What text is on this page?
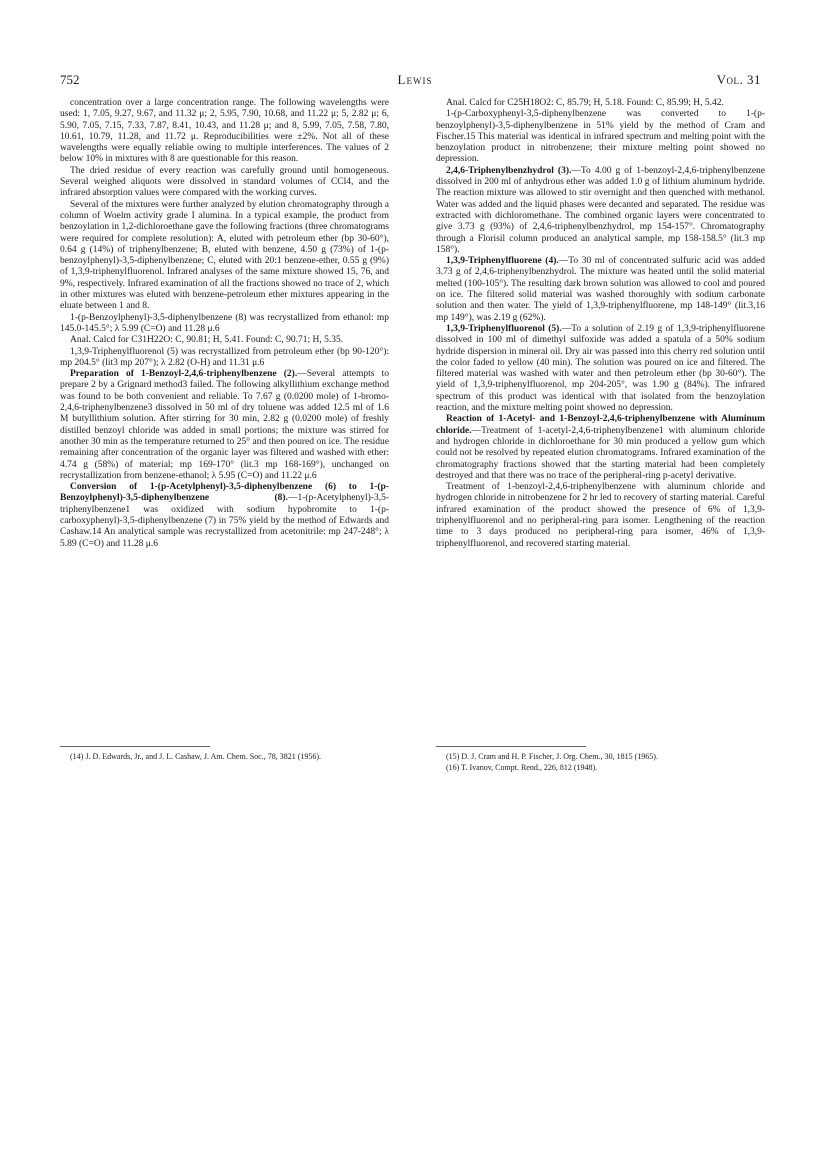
752	Lewis	Vol. 31

concentration over a large concentration range. The following wavelengths were used: 1, 7.05, 9.27, 9.67, and 11.32 μ; 2, 5.95, 7.90, 10.68, and 11.22 μ; 5, 2.82 μ; 6, 5.90, 7.05, 7.15, 7.33, 7.87, 8.41, 10.43, and 11.28 μ; and 8, 5.99, 7.05, 7.58, 7.80, 10.61, 10.79, 11.28, and 11.72 μ. Reproducibilities were ±2%. Not all of these wavelengths were equally reliable owing to multiple interferences. The values of 2 below 10% in mixtures with 8 are questionable for this reason.

The dried residue of every reaction was carefully ground until homogeneous. Several weighed aliquots were dissolved in standard volumes of CCl4, and the infrared absorption values were compared with the working curves.

Several of the mixtures were further analyzed by elution chromatography through a column of Woelm activity grade I alumina. In a typical example, the product from benzoylation in 1,2-dichloroethane gave the following fractions (three chromatograms were required for complete resolution): A, eluted with petroleum ether (bp 30-60°), 0.64 g (14%) of triphenylbenzene; B, eluted with benzene, 4.50 g (73%) of 1-(p-benzoylphenyl)-3,5-diphenylbenzene; C, eluted with 20:1 benzene-ether, 0.55 g (9%) of 1,3,9-triphenylfluorenol. Infrared analyses of the same mixture showed 15, 76, and 9%, respectively. Infrared examination of all the fractions showed no trace of 2, which in other mixtures was eluted with benzene-petroleum ether mixtures appearing in the eluate between 1 and 8.

1-(p-Benzoylphenyl)-3,5-diphenylbenzene (8) was recrystallized from ethanol: mp 145.0-145.5°; λ 5.99 (C=O) and 11.28 μ.6

Anal. Calcd for C31H22O: C, 90.81; H, 5.41. Found: C, 90.71; H, 5.35.

1,3,9-Triphenylfluorenol (5) was recrystallized from petroleum ether (bp 90-120°): mp 204.5° (lit3 mp 207°); λ 2.82 (O-H) and 11.31 μ.6

Preparation of 1-Benzoyl-2,4,6-triphenylbenzene (2).—Several attempts to prepare 2 by a Grignard method3 failed. The following alkyllithium exchange method was found to be both convenient and reliable. To 7.67 g (0.0200 mole) of 1-bromo-2,4,6-triphenylbenzene3 dissolved in 50 ml of dry toluene was added 12.5 ml of 1.6 M butyllithium solution. After stirring for 30 min, 2.82 g (0.0200 mole) of freshly distilled benzoyl chloride was added in small portions; the mixture was stirred for another 30 min as the temperature returned to 25° and then poured on ice. The residue remaining after concentration of the organic layer was filtered and washed with ether: 4.74 g (58%) of material; mp 169-170° (lit.3 mp 168-169°), unchanged on recrystallization from benzene-ethanol; λ 5.95 (C=O) and 11.22 μ.6

Conversion of 1-(p-Acetylphenyl)-3,5-diphenylbenzene (6) to 1-(p-Benzoylphenyl)-3,5-diphenylbenzene (8).—1-(p-Acetylphenyl)-3,5-triphenylbenzene1 was oxidized with sodium hypobromite to 1-(p-carboxyphenyl)-3,5-diphenylbenzene (7) in 75% yield by the method of Edwards and Cashaw.14 An analytical sample was recrystallized from acetonitrile: mp 247-248°; λ 5.89 (C=O) and 11.28 μ.6

Anal. Calcd for C25H18O2: C, 85.79; H, 5.18. Found: C, 85.99; H, 5.42.

1-(p-Carboxyphenyl-3,5-diphenylbenzene was converted to 1-(p-benzoylphenyl)-3,5-diphenylbenzene in 51% yield by the method of Cram and Fischer.15 This material was identical in infrared spectrum and melting point with the benzoylation product in nitrobenzene; their mixture melting point showed no depression.

2,4,6-Triphenylbenzhydrol (3).—To 4.00 g of 1-benzoyl-2,4,6-triphenylbenzene dissolved in 200 ml of anhydrous ether was added 1.0 g of lithium aluminum hydride. The reaction mixture was allowed to stir overnight and then quenched with methanol. Water was added and the liquid phases were decanted and separated. The residue was extracted with dichloromethane. The combined organic layers were concentrated to give 3.73 g (93%) of 2,4,6-triphenylbenzhydrol, mp 154-157°. Chromatography through a Florisil column produced an analytical sample, mp 158-158.5° (lit.3 mp 158°).

1,3,9-Triphenylfluorene (4).—To 30 ml of concentrated sulfuric acid was added 3.73 g of 2,4,6-triphenylbenzhydrol. The mixture was heated until the solid material melted (100-105°). The resulting dark brown solution was allowed to cool and poured on ice. The filtered solid material was washed thoroughly with sodium carbonate solution and then water. The yield of 1,3,9-triphenylfluorene, mp 148-149° (lit.3,16 mp 149°), was 2.19 g (62%).

1,3,9-Triphenylfluorenol (5).—To a solution of 2.19 g of 1,3,9-triphenylfluorene dissolved in 100 ml of dimethyl sulfoxide was added a spatula of a 50% sodium hydride dispersion in mineral oil. Dry air was passed into this cherry red solution until the color faded to yellow (40 min). The solution was poured on ice and filtered. The filtered material was washed with water and then petroleum ether (bp 30-60°). The yield of 1,3,9-triphenylfluorenol, mp 204-205°, was 1.90 g (84%). The infrared spectrum of this product was identical with that isolated from the benzoylation reaction, and the mixture melting point showed no depression.

Reaction of 1-Acetyl- and 1-Benzoyl-2,4,6-triphenylbenzene with Aluminum chloride.—Treatment of 1-acetyl-2,4,6-triphenylbenzene1 with aluminum chloride and hydrogen chloride in dichloroethane for 30 min produced a yellow gum which could not be resolved by repeated elution chromatograms. Infrared examination of the chromatography fractions showed that the starting material had been completely destroyed and that there was no trace of the peripheral-ring p-acetyl derivative.

Treatment of 1-benzoyl-2,4,6-triphenylbenzene with aluminum chloride and hydrogen chloride in nitrobenzene for 2 hr led to recovery of starting material. Careful infrared examination of the product showed the presence of 6% of 1,3,9-triphenylfluorenol and no peripheral-ring para isomer. Lengthening of the reaction time to 3 days produced no peripheral-ring para isomer, 46% of 1,3,9-triphenylfluorenol, and recovered starting material.

(14) J. D. Edwards, Jr., and J. L. Cashaw, J. Am. Chem. Soc., 78, 3821 (1956).	(15) D. J. Cram and H. P. Fischer, J. Org. Chem., 30, 1815 (1965).

(16) T. Ivanov, Compt. Rend., 226, 812 (1948).
